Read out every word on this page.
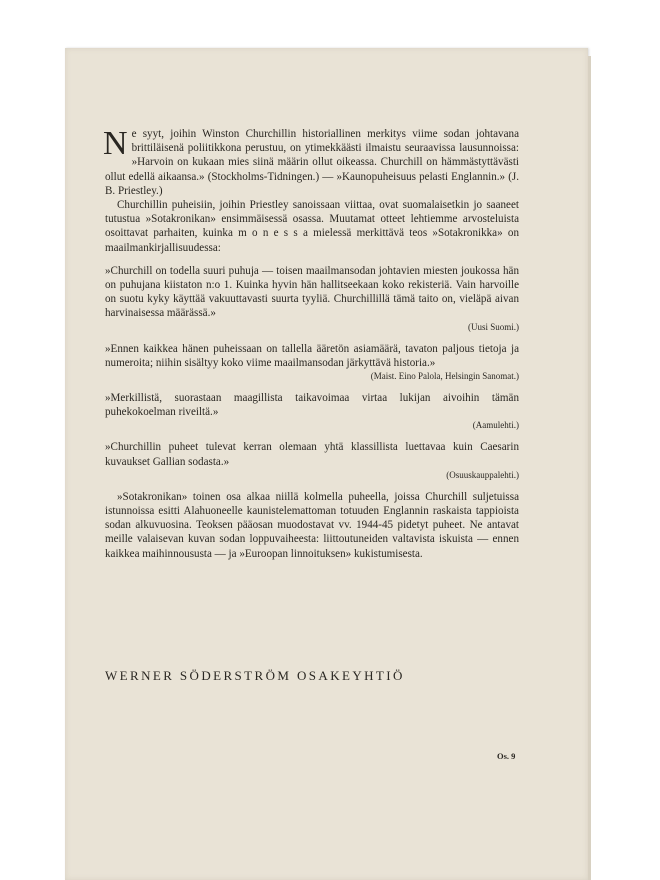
Ne syyt, joihin Winston Churchillin historiallinen merkitys viime sodan johtavana brittiläisenä poliitikkona perustuu, on ytimekkäästi ilmaistu seuraavissa lausunnoissa: »Harvoin on kukaan mies siinä määrin ollut oikeassa. Churchill on hämmästyttävästi ollut edellä aikaansa.» (Stockholms-Tidningen.) — »Kaunopuheisuus pelasti Englannin.» (J. B. Priestley.)

Churchillin puheisiin, joihin Priestley sanoissaan viittaa, ovat suomalaisetkin jo saaneet tutustua »Sotakronikan» ensimmäisessä osassa. Muutamat otteet lehtiemme arvosteluista osoittavat parhaiten, kuinka m o n e s s a mielessä merkittävä teos »Sotakronikka» on maailmankirjallisuudessa:

»Churchill on todella suuri puhuja — toisen maailmansodan johtavien miesten joukossa hän on puhujana kiistaton n:o 1. Kuinka hyvin hän hallitseekaan koko rekisteriä. Vain harvoille on suotu kyky käyttää vakuuttavasti suurta tyyliä. Churchillillä tämä taito on, vieläpä aivan harvinaisessa määrässä.»

(Uusi Suomi.)

»Ennen kaikkea hänen puheissaan on tallella ääretön asiamäärä, tavaton paljous tietoja ja numeroita; niihin sisältyy koko viime maailmansodan järkyttävä historia.»

(Maist. Eino Palola, Helsingin Sanomat.)

»Merkillistä, suorastaan maagillista taikavoimaa virtaa lukijan aivoihin tämän puhekokoelman riveiltä.»

(Aamulehti.)

»Churchillin puheet tulevat kerran olemaan yhtä klassillista luettavaa kuin Caesarin kuvaukset Gallian sodasta.»

(Osuuskauppalehti.)

»Sotakronikan» toinen osa alkaa niillä kolmella puheella, joissa Churchill suljetuissa istunnoissa esitti Alahuoneelle kaunistelemattoman totuuden Englannin raskaista tappioista sodan alkuvuosina. Teoksen pääosan muodostavat vv. 1944-45 pidetyt puheet. Ne antavat meille valaisevan kuvan sodan loppuvaiheesta: liittoutuneiden valtavista iskuista — ennen kaikkea maihinnoususta — ja »Euroopan linnoituksen» kukistumisesta.

WERNER SÖDERSTRÖM OSAKEYHTIÖ
Os. 9
